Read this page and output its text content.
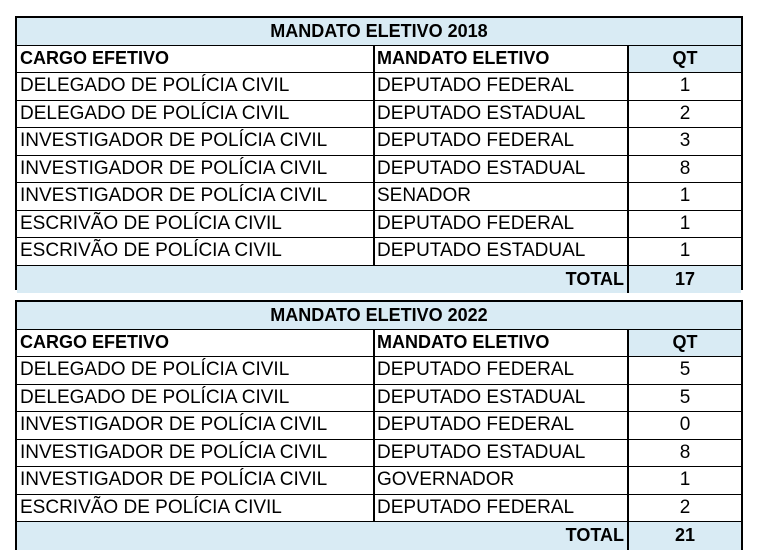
MANDATO ELETIVO 2018
CARGO EFETIVO	MANDATO ELETIVO	QT
DELEGADO DE POLÍCIA CIVIL	DEPUTADO FEDERAL	1
DELEGADO DE POLÍCIA CIVIL	DEPUTADO ESTADUAL	2
INVESTIGADOR DE POLÍCIA CIVIL	DEPUTADO FEDERAL	3
INVESTIGADOR DE POLÍCIA CIVIL	DEPUTADO ESTADUAL	8
INVESTIGADOR DE POLÍCIA CIVIL	SENADOR	1
ESCRIVÃO DE POLÍCIA CIVIL	DEPUTADO FEDERAL	1
ESCRIVÃO DE POLÍCIA CIVIL	DEPUTADO ESTADUAL	1
TOTAL	17
MANDATO ELETIVO 2022
CARGO EFETIVO	MANDATO ELETIVO	QT
DELEGADO DE POLÍCIA CIVIL	DEPUTADO FEDERAL	5
DELEGADO DE POLÍCIA CIVIL	DEPUTADO ESTADUAL	5
INVESTIGADOR DE POLÍCIA CIVIL	DEPUTADO FEDERAL	0
INVESTIGADOR DE POLÍCIA CIVIL	DEPUTADO ESTADUAL	8
INVESTIGADOR DE POLÍCIA CIVIL	GOVERNADOR	1
ESCRIVÃO DE POLÍCIA CIVIL	DEPUTADO FEDERAL	2
TOTAL	21
